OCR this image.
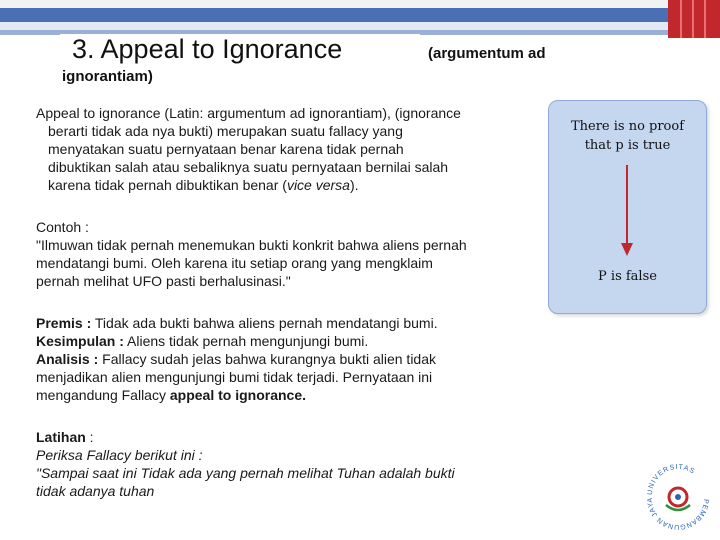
3. Appeal to Ignorance	(argumentum ad
ignorantiam)
Appeal to ignorance (Latin: argumentum ad ignorantiam), (ignorance
berarti tidak ada nya bukti) merupakan suatu fallacy yang
menyatakan suatu pernyataan benar karena tidak pernah
dibuktikan salah atau sebaliknya suatu pernyataan bernilai salah
karena tidak pernah dibuktikan benar (vice versa).
Contoh :
"Ilmuwan tidak pernah menemukan bukti konkrit bahwa aliens pernah
mendatangi bumi. Oleh karena itu setiap orang yang mengklaim
pernah melihat UFO pasti berhalusinasi."
Premis : Tidak ada bukti bahwa aliens pernah mendatangi bumi.
Kesimpulan : Aliens tidak pernah mengunjungi bumi.
Analisis : Fallacy sudah jelas bahwa kurangnya bukti alien tidak
menjadikan alien mengunjungi bumi tidak terjadi. Pernyataan ini
mengandung Fallacy appeal to ignorance.
Latihan :
Periksa Fallacy berikut ini :
"Sampai saat ini Tidak ada yang pernah melihat Tuhan adalah bukti
tidak adanya tuhan
There is no proof
that p is true
P is false
UNIVERSITAS
PEMBANGUNAN JAYA
